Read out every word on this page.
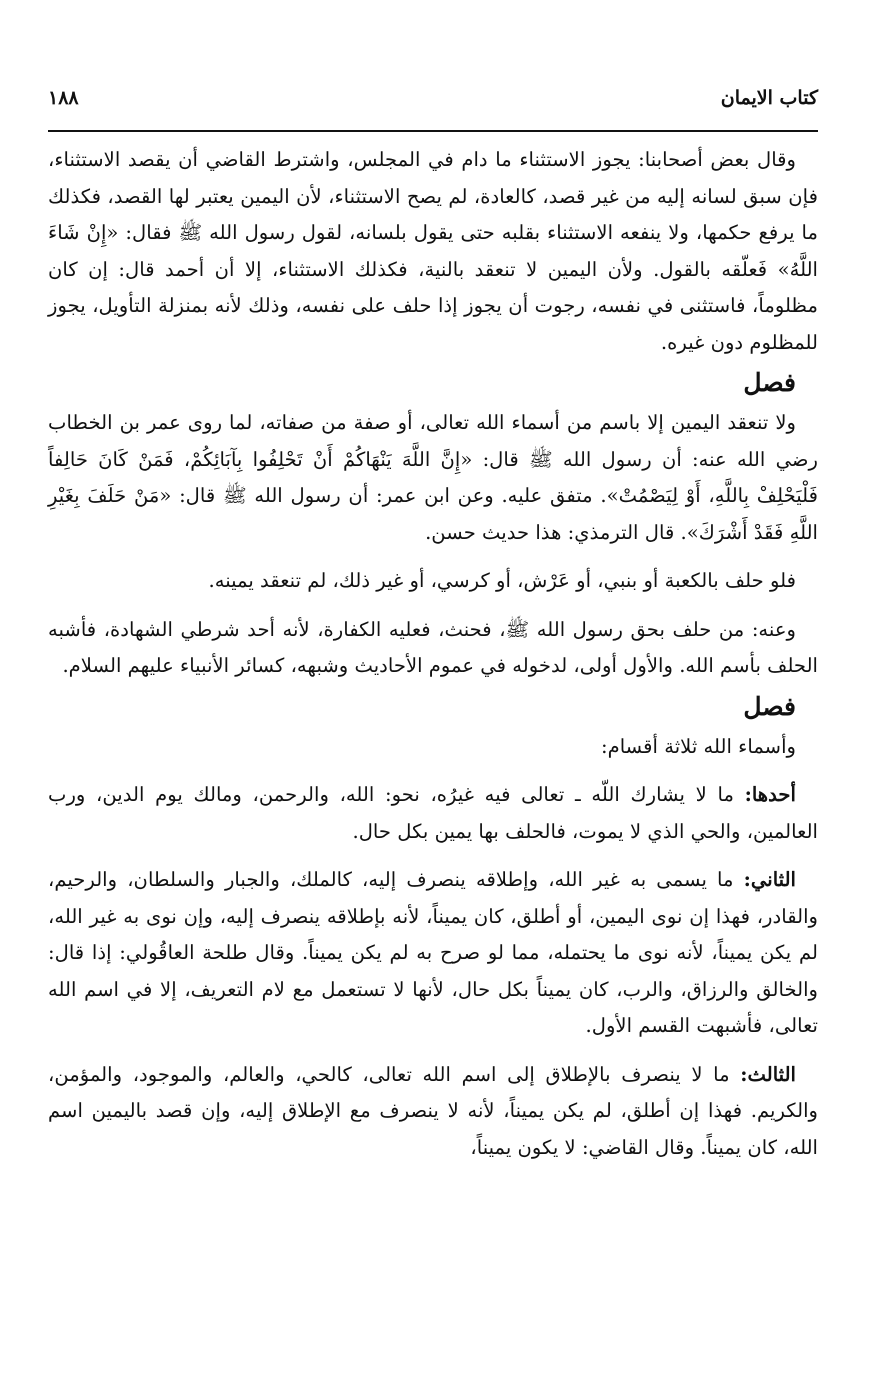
كتاب الايمان
١٨٨

وقال بعض أصحابنا: يجوز الاستثناء ما دام في المجلس، واشترط القاضي أن يقصد الاستثناء، فإن سبق لسانه إليه من غير قصد، كالعادة، لم يصح الاستثناء، لأن اليمين يعتبر لها القصد، فكذلك ما يرفع حكمها، ولا ينفعه الاستثناء بقلبه حتى يقول بلسانه، لقول رسول الله ﷺ فقال: «إِنْ شَاءَ اللَّهُ» فَعلّقه بالقول. ولأن اليمين لا تنعقد بالنية، فكذلك الاستثناء، إلا أن أحمد قال: إن كان مظلوماً، فاستثنى في نفسه، رجوت أن يجوز إذا حلف على نفسه، وذلك لأنه بمنزلة التأويل، يجوز للمظلوم دون غيره.

فصل

ولا تنعقد اليمين إلا باسم من أسماء الله تعالى، أو صفة من صفاته، لما روى عمر بن الخطاب رضي الله عنه: أن رسول الله ﷺ قال: «إِنَّ اللَّهَ يَنْهَاكُمْ أَنْ تَحْلِفُوا بِآبَائِكُمْ، فَمَنْ كَانَ حَالِفاً فَلْيَحْلِفْ بِاللَّهِ، أَوْ لِيَصْمُتْ». متفق عليه. وعن ابن عمر: أن رسول الله ﷺ قال: «مَنْ حَلَفَ بِغَيْرِ اللَّهِ فَقَدْ أَشْرَكَ». قال الترمذي: هذا حديث حسن.

فلو حلف بالكعبة أو بنبي، أو عَرْش، أو كرسي، أو غير ذلك، لم تنعقد يمينه.

وعنه: من حلف بحق رسول الله ﷺ، فحنث، فعليه الكفارة، لأنه أحد شرطي الشهادة، فأشبه الحلف بأسم الله. والأول أولى، لدخوله في عموم الأحاديث وشبهه، كسائر الأنبياء عليهم السلام.

فصل

وأسماء الله ثلاثة أقسام:

أحدها: ما لا يشارك اللّه ـ تعالى فيه غيرُه، نحو: الله، والرحمن، ومالك يوم الدين، ورب العالمين، والحي الذي لا يموت، فالحلف بها يمين بكل حال.

الثاني: ما يسمى به غير الله، وإطلاقه ينصرف إليه، كالملك، والجبار والسلطان، والرحيم، والقادر، فهذا إن نوى اليمين، أو أطلق، كان يميناً، لأنه بإطلاقه ينصرف إليه، وإن نوى به غير الله، لم يكن يميناً، لأنه نوى ما يحتمله، مما لو صرح به لم يكن يميناً. وقال طلحة العاقُولي: إذا قال: والخالق والرزاق، والرب، كان يميناً بكل حال، لأنها لا تستعمل مع لام التعريف، إلا في اسم الله تعالى، فأشبهت القسم الأول.

الثالث: ما لا ينصرف بالإطلاق إلى اسم الله تعالى، كالحي، والعالم، والموجود، والمؤمن، والكريم. فهذا إن أطلق، لم يكن يميناً، لأنه لا ينصرف مع الإطلاق إليه، وإن قصد باليمين اسم الله، كان يميناً. وقال القاضي: لا يكون يميناً،
